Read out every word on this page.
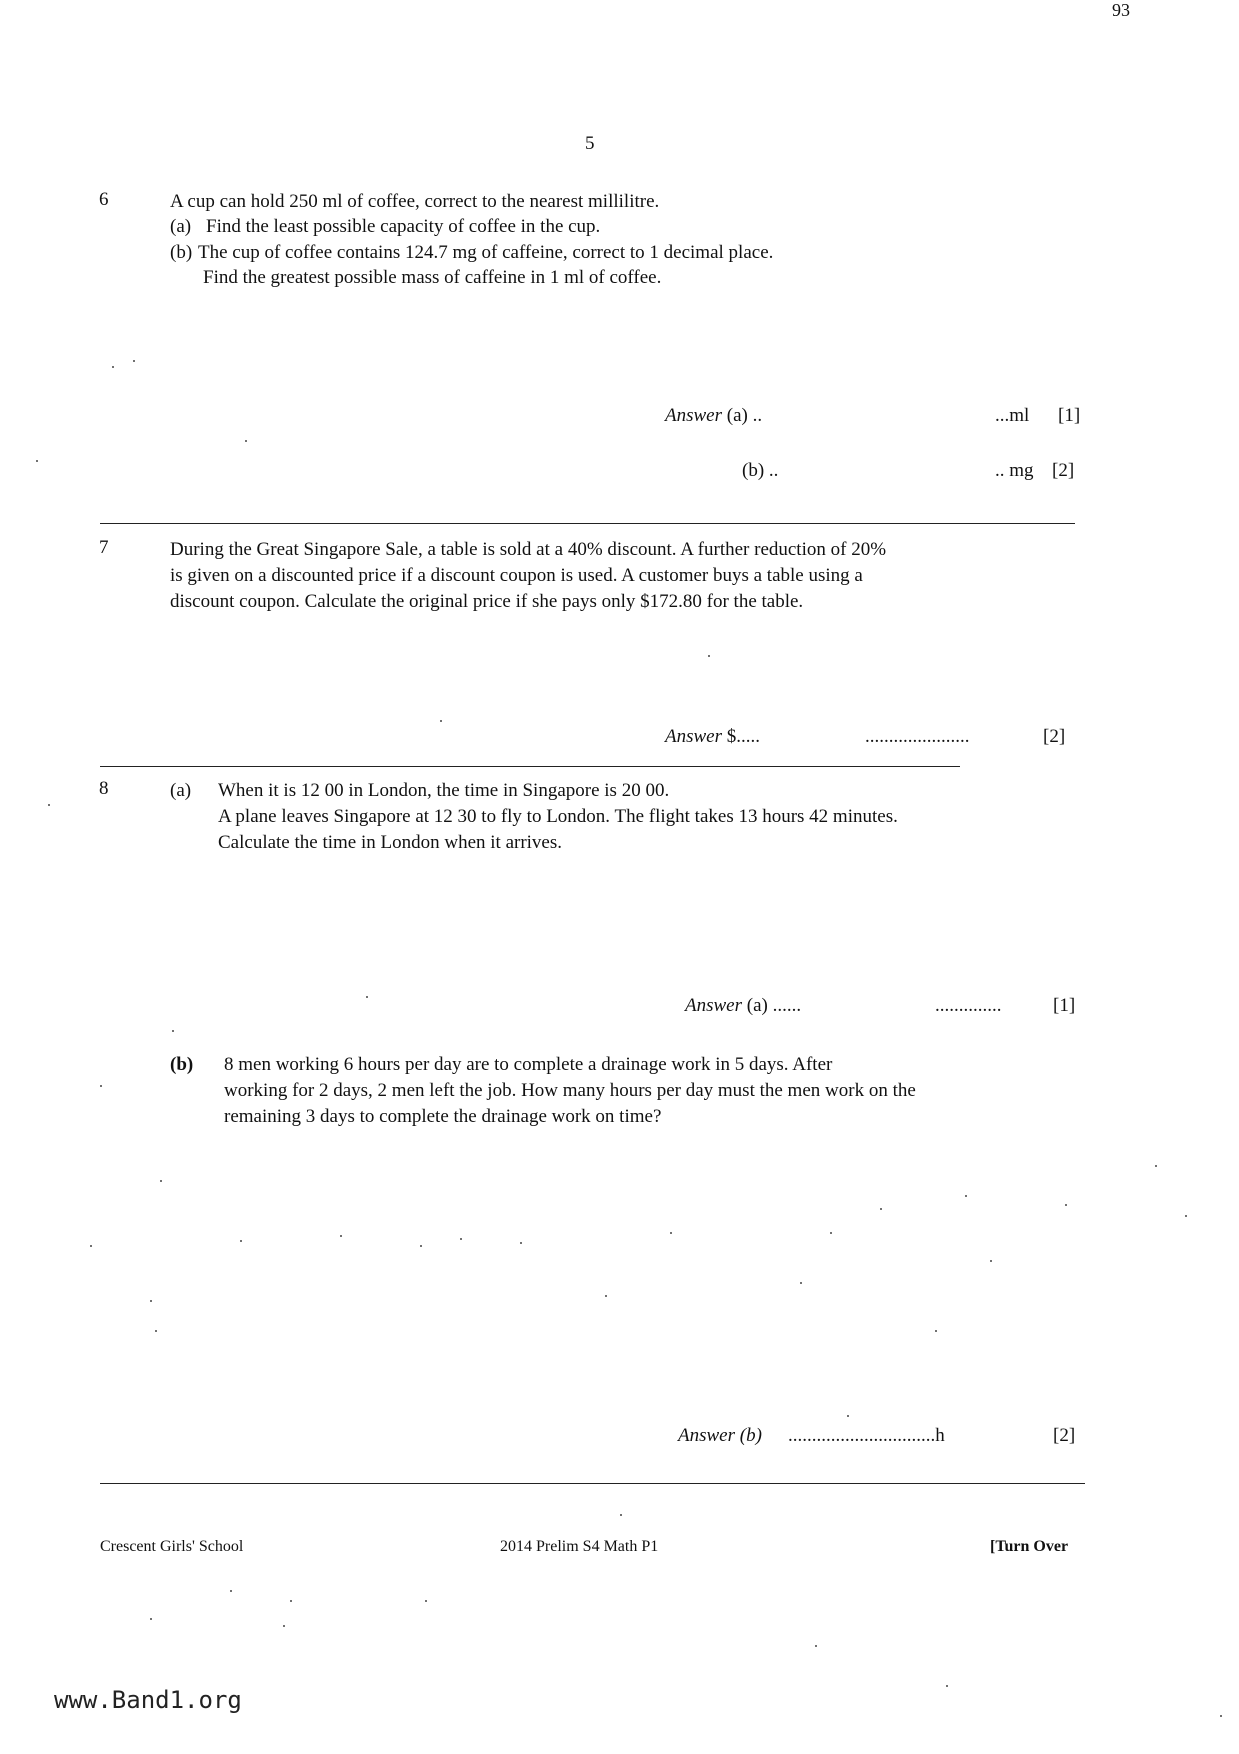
93
5
6	A cup can hold 250 ml of coffee, correct to the nearest millilitre.
(a) Find the least possible capacity of coffee in the cup.
(b) The cup of coffee contains 124.7 mg of caffeine, correct to 1 decimal place.
Find the greatest possible mass of caffeine in 1 ml of coffee.
Answer (a) ..	...ml [1]
(b) ..	.. mg [2]
7	During the Great Singapore Sale, a table is sold at a 40% discount. A further reduction of 20%
is given on a discounted price if a discount coupon is used. A customer buys a table using a
discount coupon. Calculate the original price if she pays only $172.80 for the table.
Answer $.....	......................	[2]
8	(a) When it is 12 00 in London, the time in Singapore is 20 00.
A plane leaves Singapore at 12 30 to fly to London. The flight takes 13 hours 42 minutes.
Calculate the time in London when it arrives.
Answer (a) ......	..............	[1]
(b) 8 men working 6 hours per day are to complete a drainage work in 5 days. After
working for 2 days, 2 men left the job. How many hours per day must the men work on the
remaining 3 days to complete the drainage work on time?
Answer (b) ...............................h	[2]
Crescent Girls' School	2014 Prelim S4 Math P1	[Turn Over
www.Band1.org
